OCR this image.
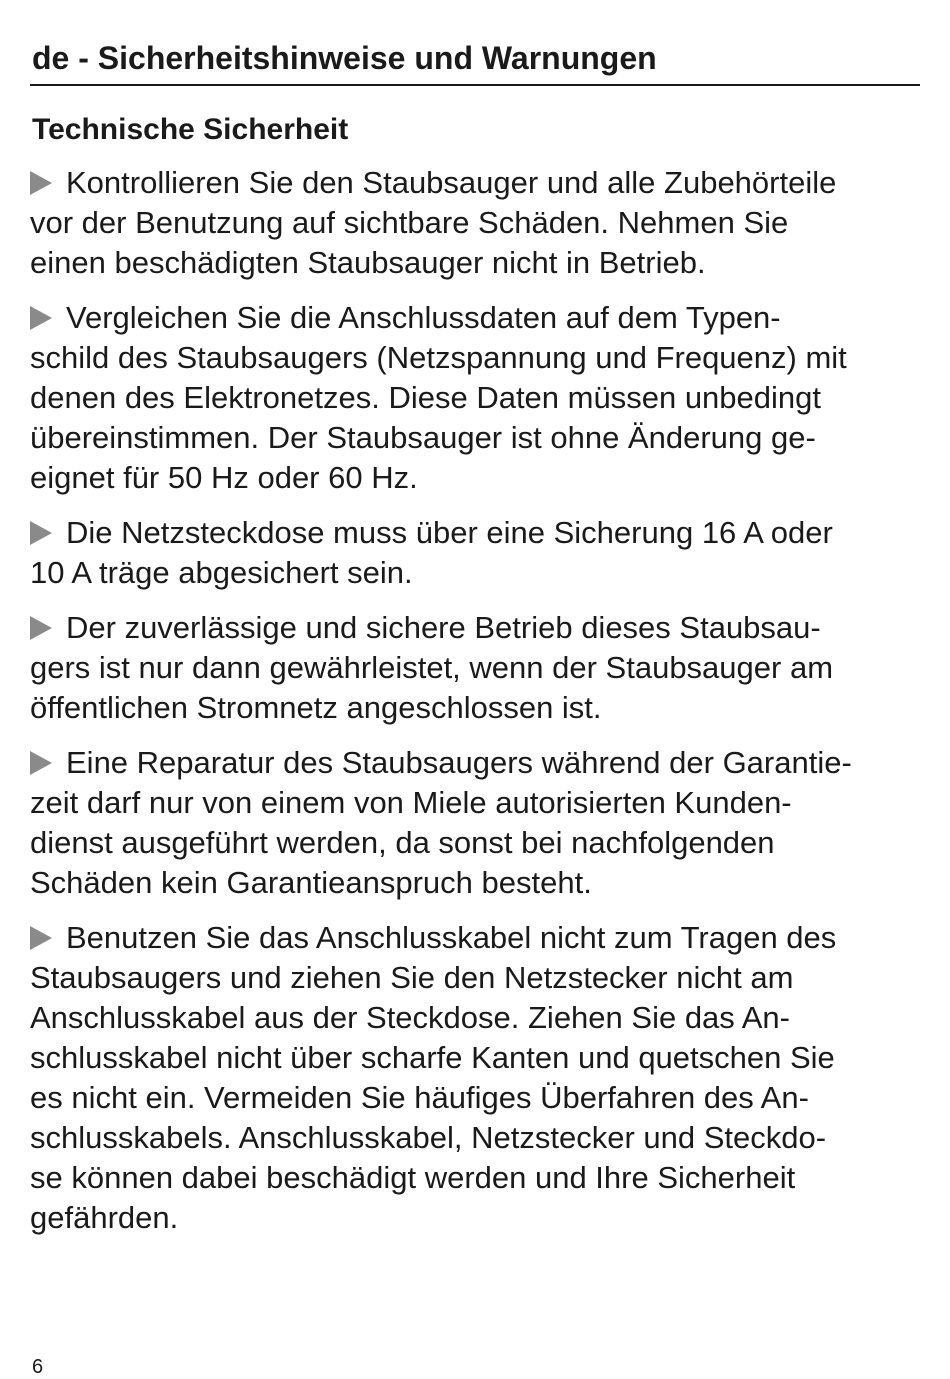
de - Sicherheitshinweise und Warnungen
Technische Sicherheit

Kontrollieren Sie den Staubsauger und alle Zubehörteile
vor der Benutzung auf sichtbare Schäden. Nehmen Sie
einen beschädigten Staubsauger nicht in Betrieb.

Vergleichen Sie die Anschlussdaten auf dem Typen-
schild des Staubsaugers (Netzspannung und Frequenz) mit
denen des Elektronetzes. Diese Daten müssen unbedingt
übereinstimmen. Der Staubsauger ist ohne Änderung ge-
eignet für 50 Hz oder 60 Hz.

Die Netzsteckdose muss über eine Sicherung 16 A oder
10 A träge abgesichert sein.

Der zuverlässige und sichere Betrieb dieses Staubsau-
gers ist nur dann gewährleistet, wenn der Staubsauger am
öffentlichen Stromnetz angeschlossen ist.

Eine Reparatur des Staubsaugers während der Garantie-
zeit darf nur von einem von Miele autorisierten Kunden-
dienst ausgeführt werden, da sonst bei nachfolgenden
Schäden kein Garantieanspruch besteht.

Benutzen Sie das Anschlusskabel nicht zum Tragen des
Staubsaugers und ziehen Sie den Netzstecker nicht am
Anschlusskabel aus der Steckdose. Ziehen Sie das An-
schlusskabel nicht über scharfe Kanten und quetschen Sie
es nicht ein. Vermeiden Sie häufiges Überfahren des An-
schlusskabels. Anschlusskabel, Netzstecker und Steckdo-
se können dabei beschädigt werden und Ihre Sicherheit
gefährden.

6
